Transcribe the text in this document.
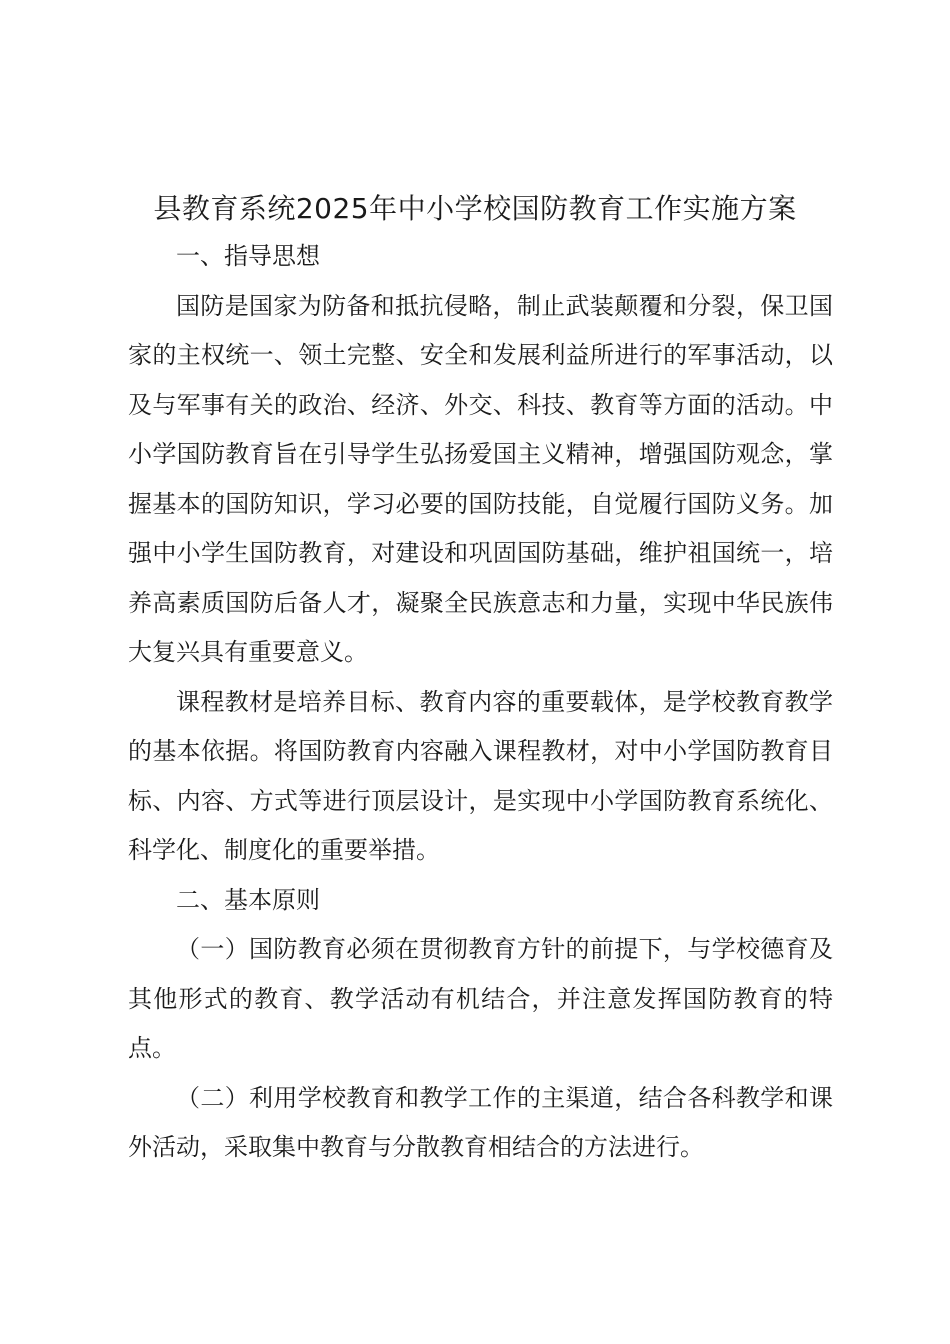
县教育系统2025年中小学校国防教育工作实施方案

一、指导思想

国防是国家为防备和抵抗侵略，制止武装颠覆和分裂，保卫国家的主权统一、领土完整、安全和发展利益所进行的军事活动，以及与军事有关的政治、经济、外交、科技、教育等方面的活动。中小学国防教育旨在引导学生弘扬爱国主义精神，增强国防观念，掌握基本的国防知识，学习必要的国防技能，自觉履行国防义务。加强中小学生国防教育，对建设和巩固国防基础，维护祖国统一，培养高素质国防后备人才，凝聚全民族意志和力量，实现中华民族伟大复兴具有重要意义。

课程教材是培养目标、教育内容的重要载体，是学校教育教学的基本依据。将国防教育内容融入课程教材，对中小学国防教育目标、内容、方式等进行顶层设计，是实现中小学国防教育系统化、科学化、制度化的重要举措。

二、基本原则

（一）国防教育必须在贯彻教育方针的前提下，与学校德育及其他形式的教育、教学活动有机结合，并注意发挥国防教育的特点。

（二）利用学校教育和教学工作的主渠道，结合各科教学和课外活动，采取集中教育与分散教育相结合的方法进行。
